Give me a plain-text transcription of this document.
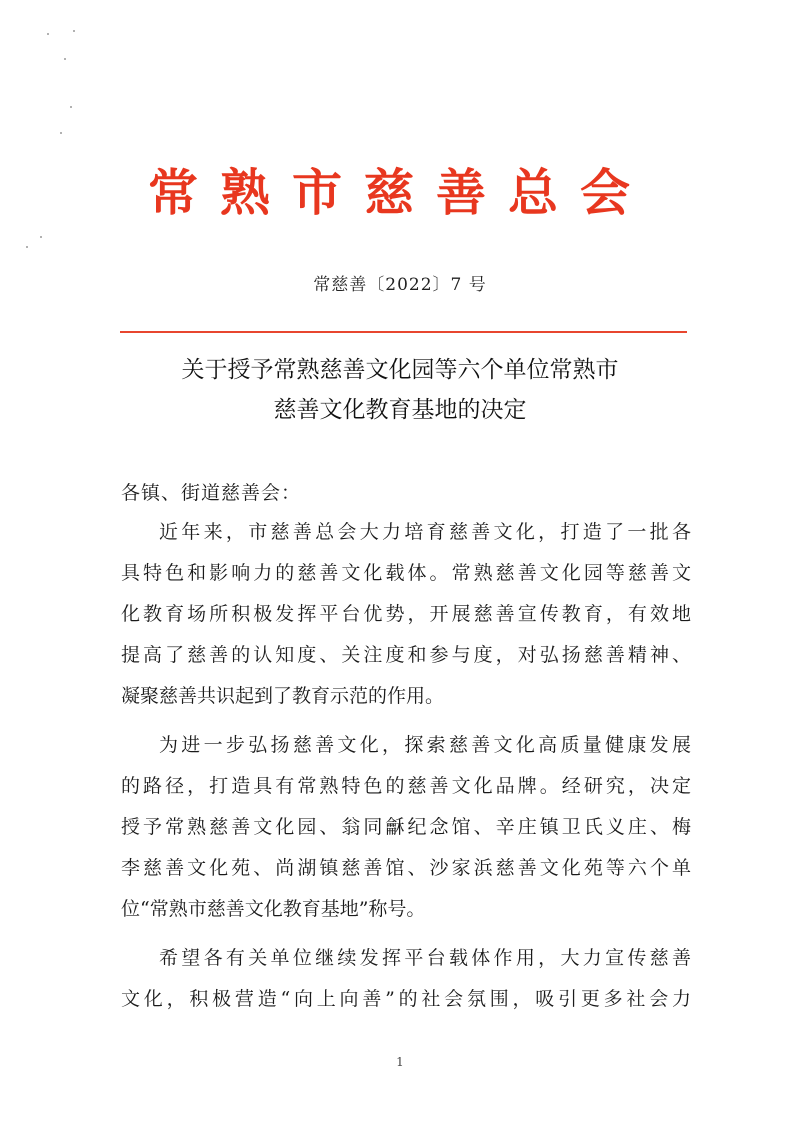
常熟市慈善总会
常慈善〔2022〕7 号
关于授予常熟慈善文化园等六个单位常熟市
慈善文化教育基地的决定
各镇、街道慈善会：
近年来，市慈善总会大力培育慈善文化，打造了一批各
具特色和影响力的慈善文化载体。常熟慈善文化园等慈善文
化教育场所积极发挥平台优势，开展慈善宣传教育，有效地
提高了慈善的认知度、关注度和参与度，对弘扬慈善精神、
凝聚慈善共识起到了教育示范的作用。
为进一步弘扬慈善文化，探索慈善文化高质量健康发展
的路径，打造具有常熟特色的慈善文化品牌。经研究，决定
授予常熟慈善文化园、翁同龢纪念馆、辛庄镇卫氏义庄、梅
李慈善文化苑、尚湖镇慈善馆、沙家浜慈善文化苑等六个单
位“常熟市慈善文化教育基地”称号。
希望各有关单位继续发挥平台载体作用，大力宣传慈善
文化，积极营造“向上向善”的社会氛围，吸引更多社会力
1
